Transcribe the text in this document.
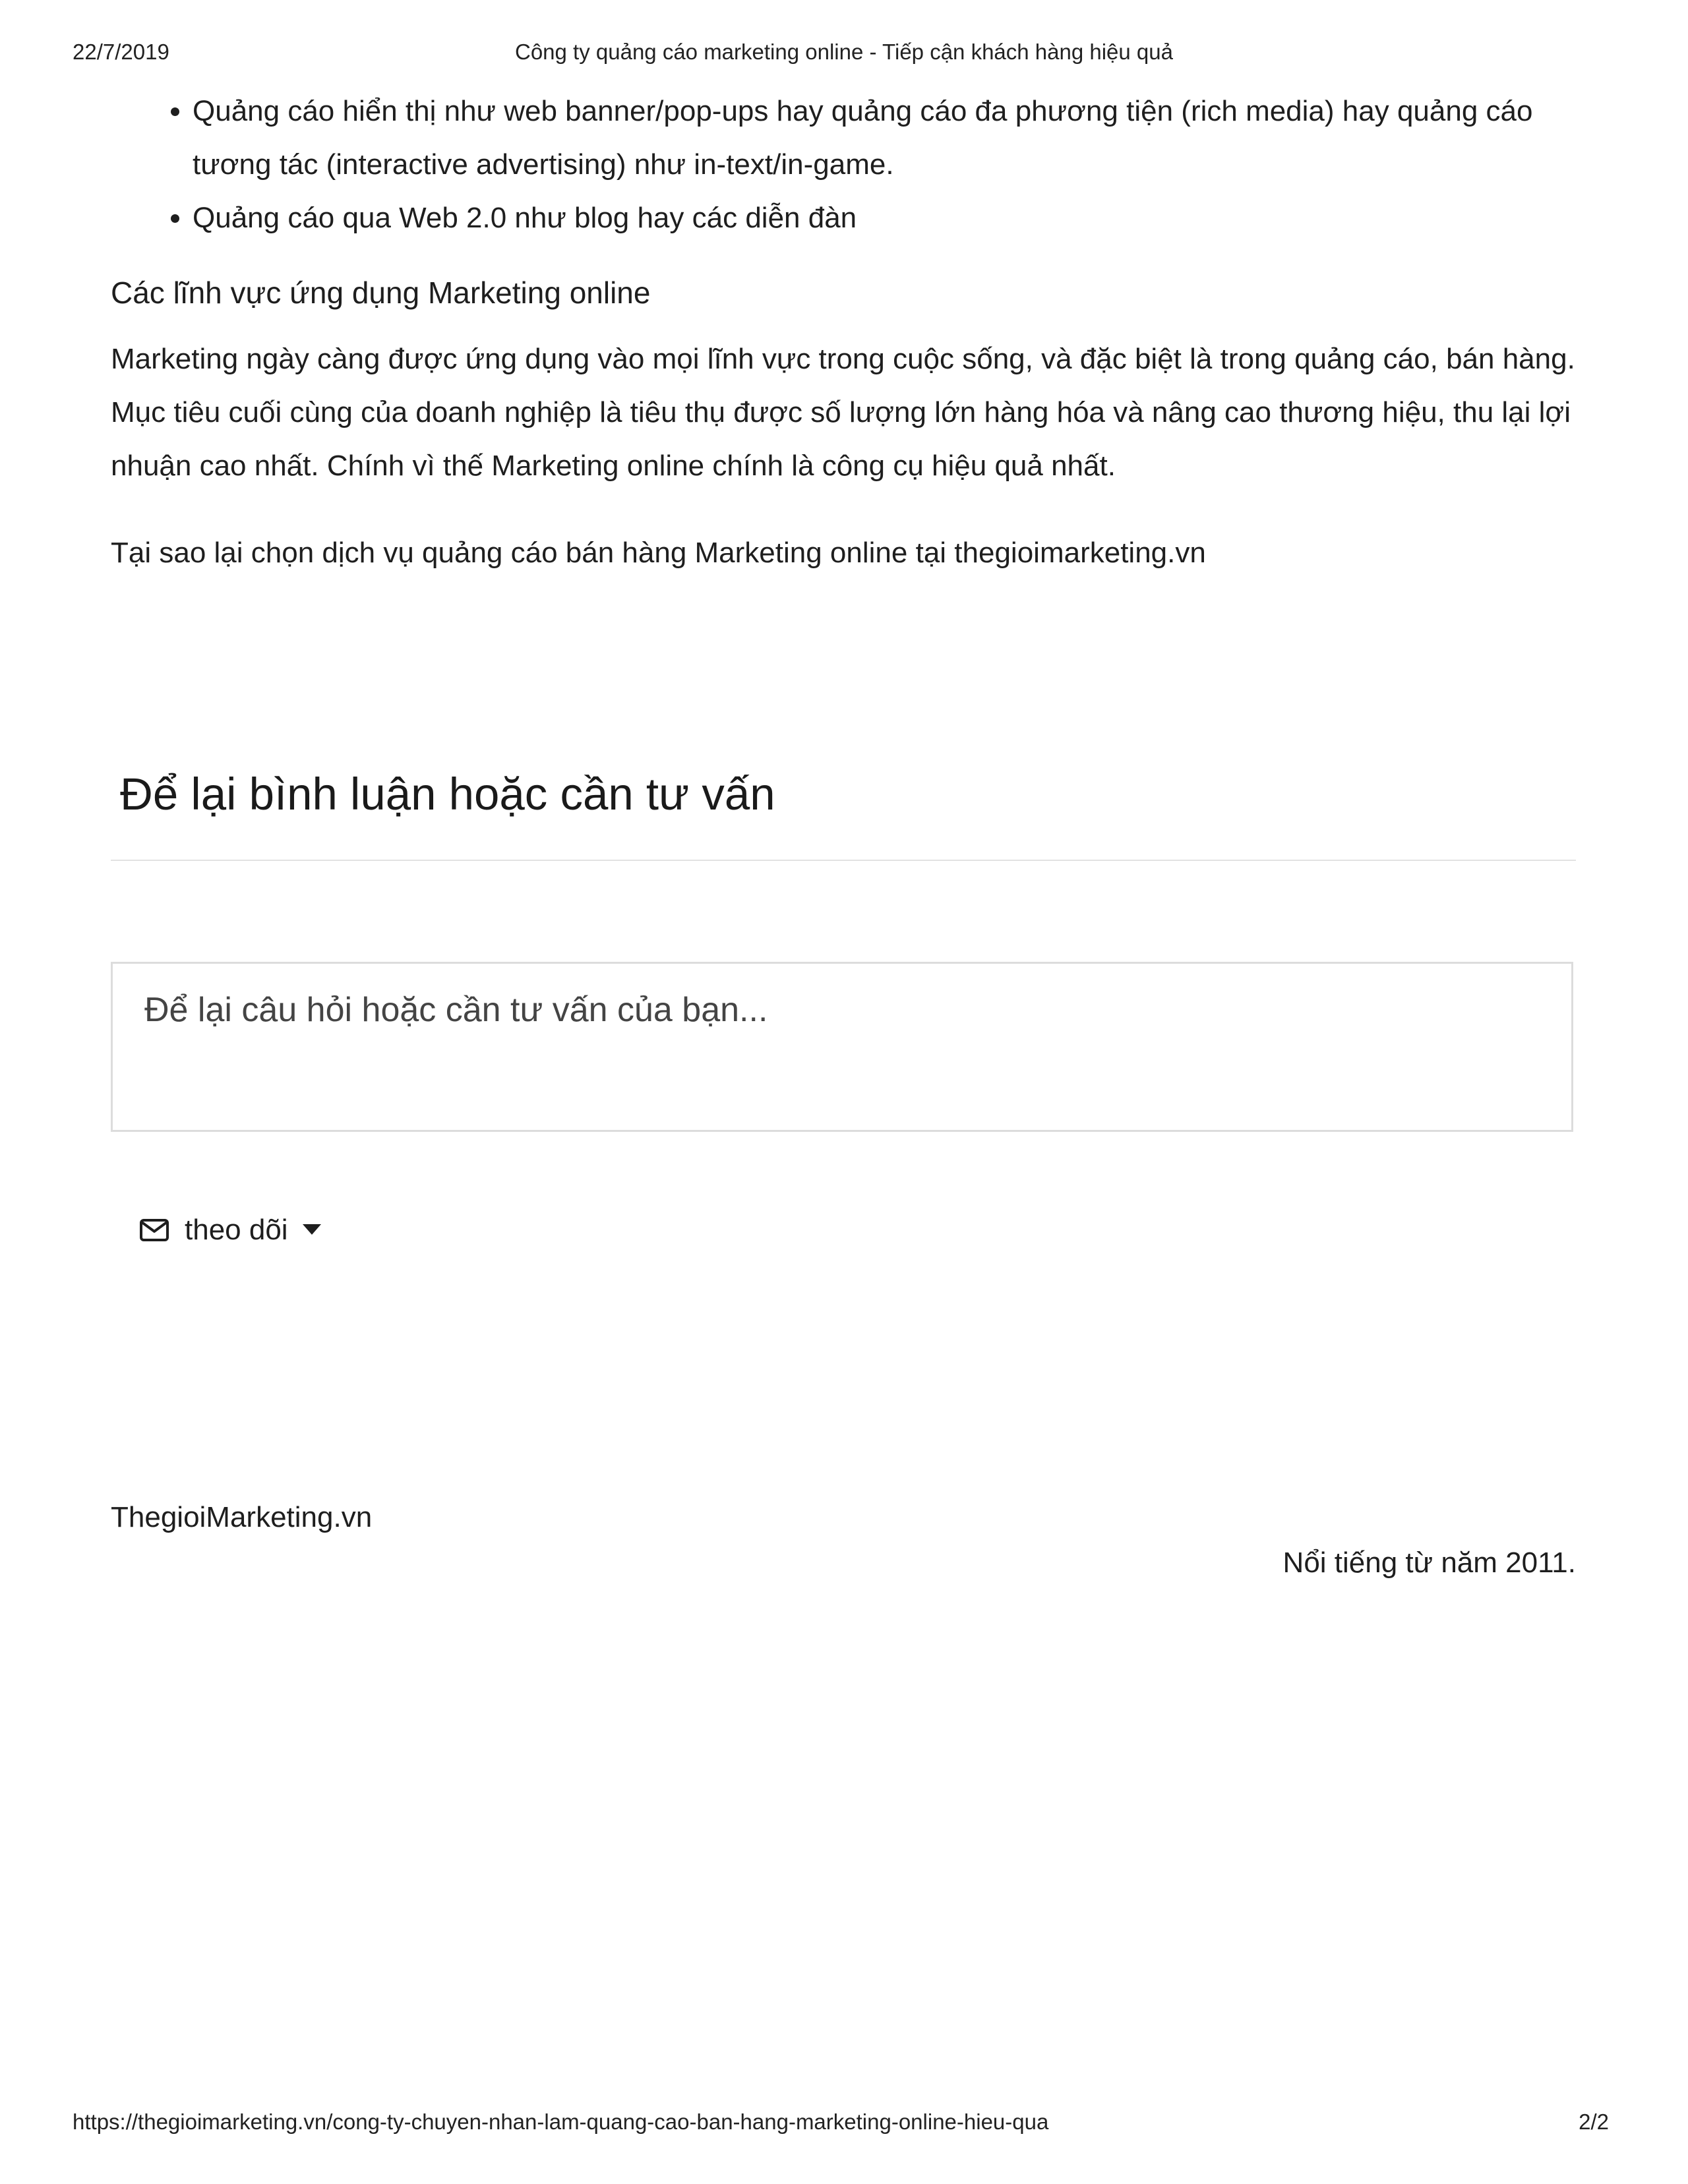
22/7/2019	Công ty quảng cáo marketing online - Tiếp cận khách hàng hiệu quả
• Quảng cáo hiển thị như web banner/pop-ups hay quảng cáo đa phương tiện (rich media) hay quảng cáo tương tác (interactive advertising) như in-text/in-game.
• Quảng cáo qua Web 2.0 như blog hay các diễn đàn

Các lĩnh vực ứng dụng Marketing online

Marketing ngày càng được ứng dụng vào mọi lĩnh vực trong cuộc sống, và đặc biệt là trong quảng cáo, bán hàng. Mục tiêu cuối cùng của doanh nghiệp là tiêu thụ được số lượng lớn hàng hóa và nâng cao thương hiệu, thu lại lợi nhuận cao nhất. Chính vì thế Marketing online chính là công cụ hiệu quả nhất.

Tại sao lại chọn dịch vụ quảng cáo bán hàng Marketing online tại thegioimarketing.vn

Để lại bình luận hoặc cần tư vấn
Để lại câu hỏi hoặc cần tư vấn của bạn...
theo dõi
ThegioiMarketing.vn
Nổi tiếng từ năm 2011.
https://thegioimarketing.vn/cong-ty-chuyen-nhan-lam-quang-cao-ban-hang-marketing-online-hieu-qua	2/2
